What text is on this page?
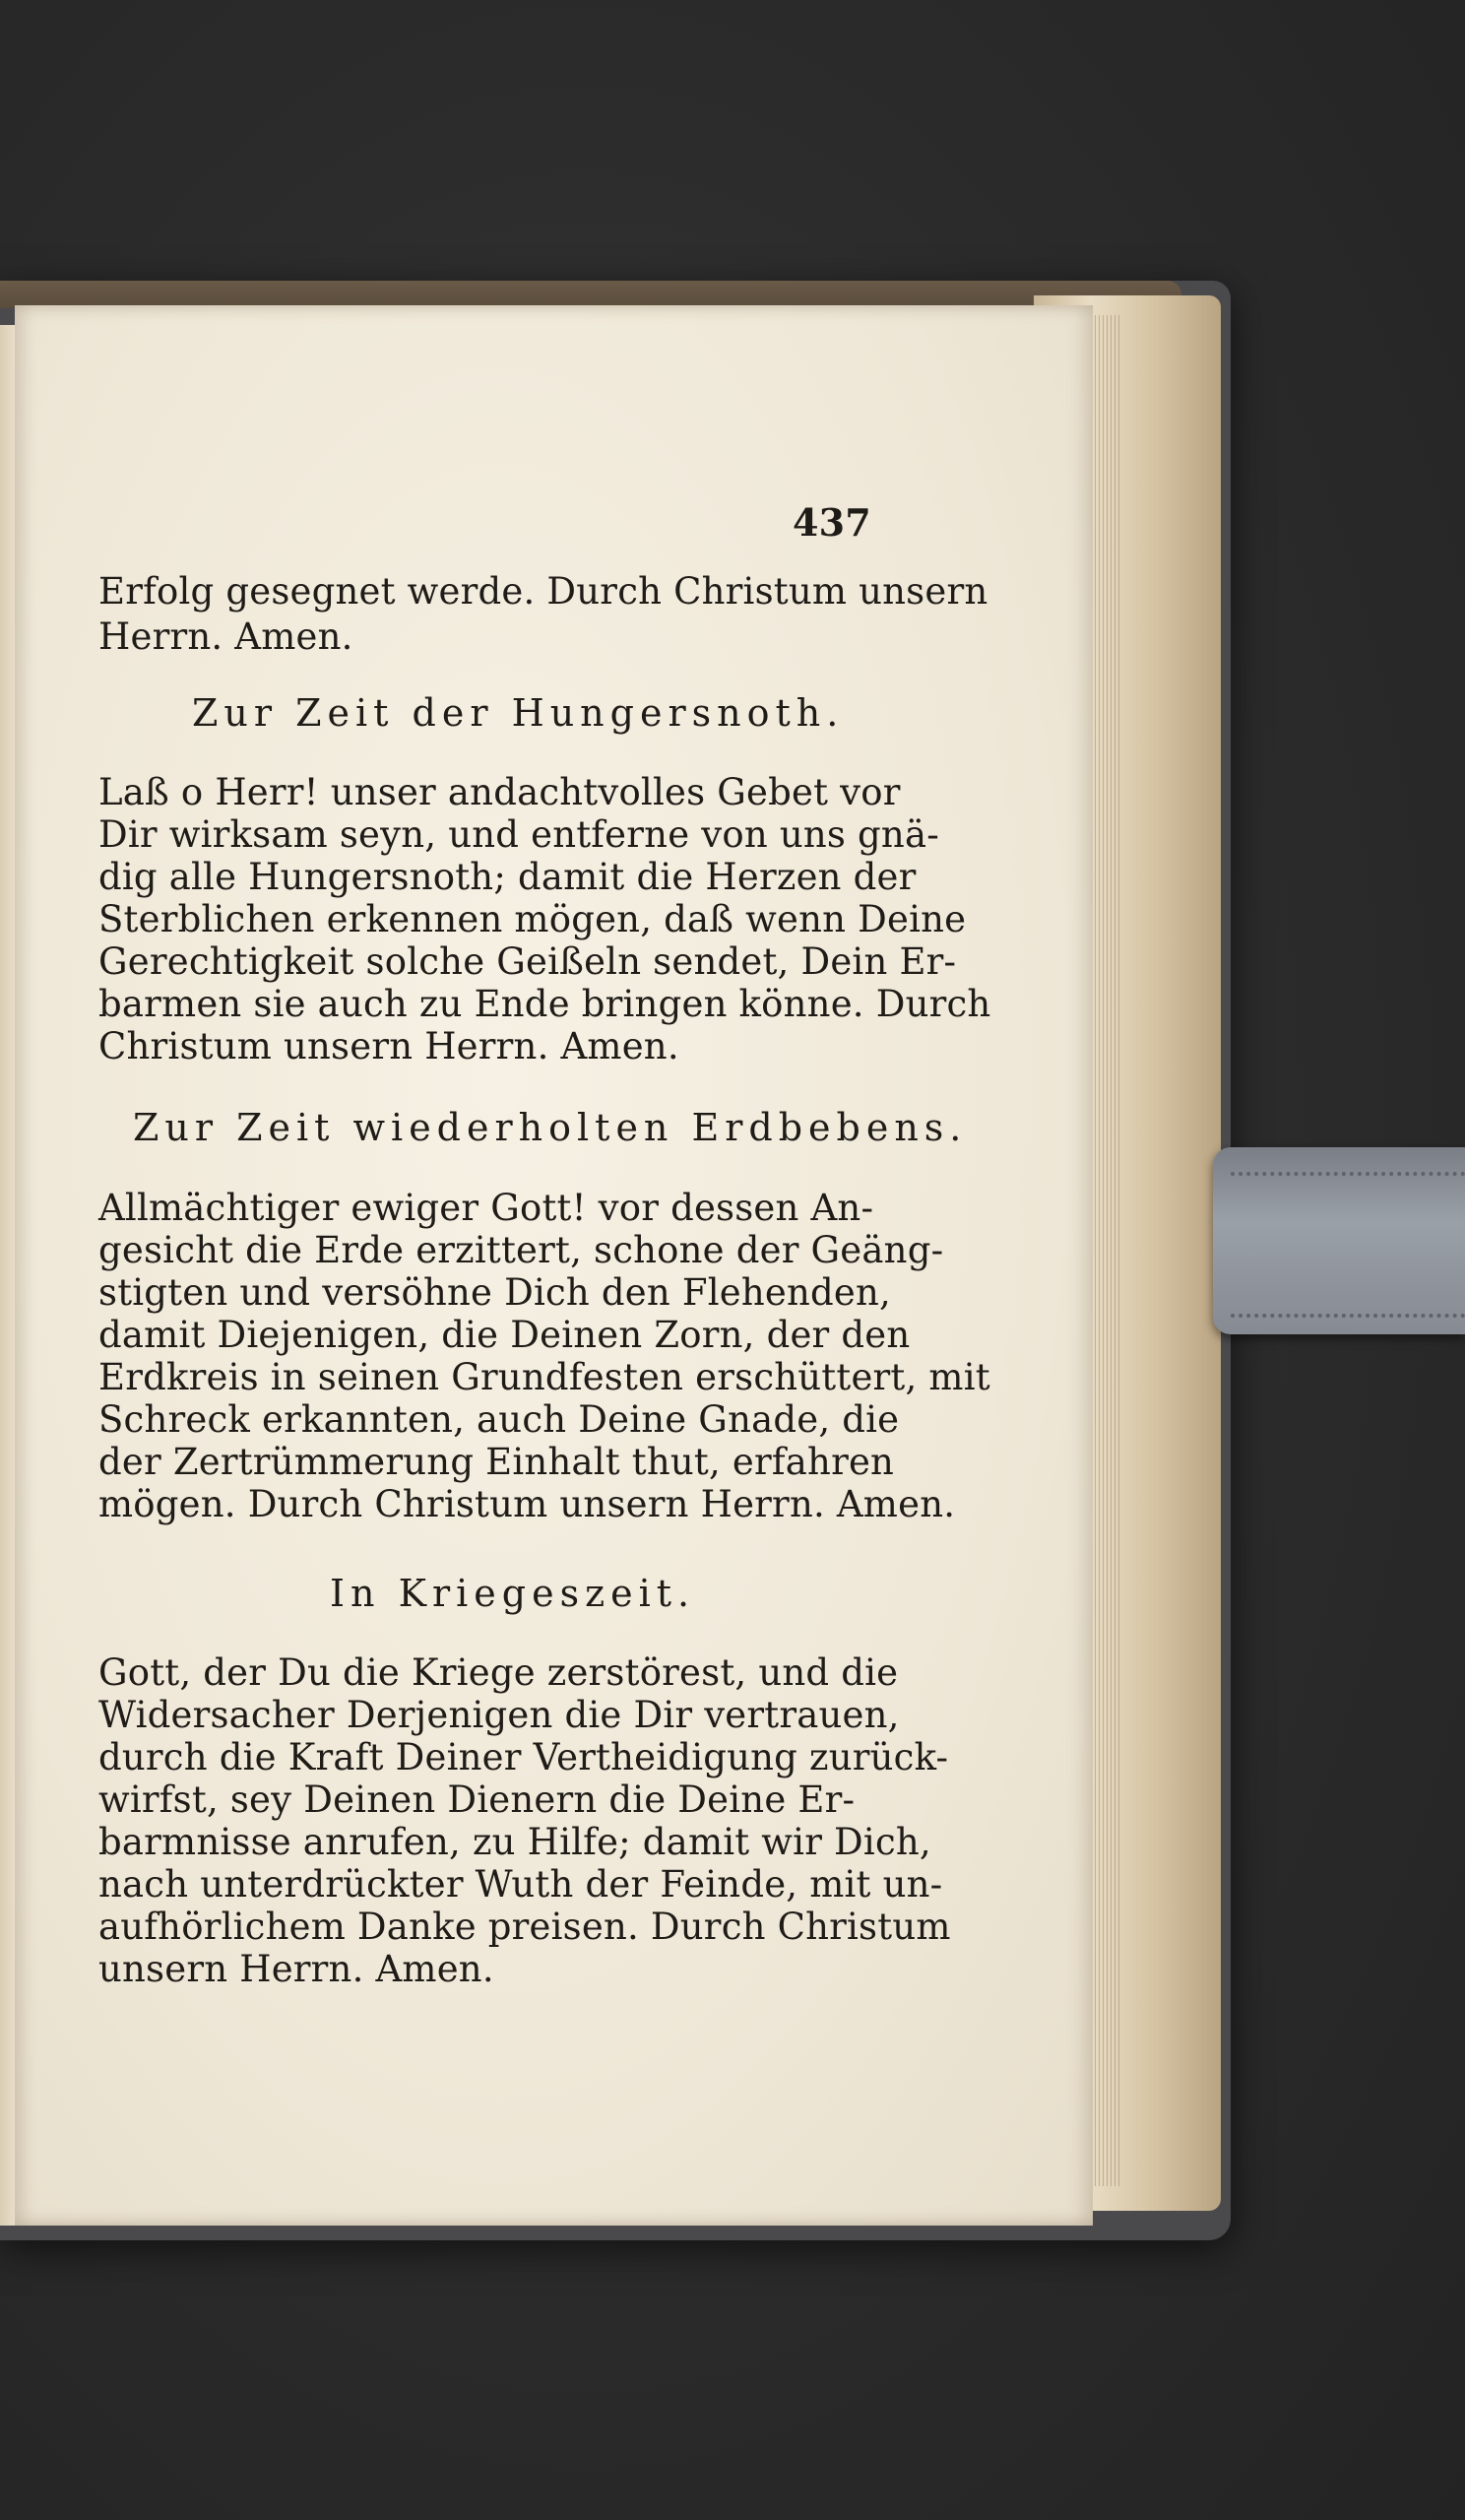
437
Erfolg gesegnet werde. Durch Christum unsern
Herrn. Amen.
Zur Zeit der Hungersnoth.
Laß o Herr! unser andachtvolles Gebet vor
Dir wirksam seyn, und entferne von uns gnä-
dig alle Hungersnoth; damit die Herzen der
Sterblichen erkennen mögen, daß wenn Deine
Gerechtigkeit solche Geißeln sendet, Dein Er-
barmen sie auch zu Ende bringen könne. Durch
Christum unsern Herrn. Amen.
Zur Zeit wiederholten Erdbebens.
Allmächtiger ewiger Gott! vor dessen An-
gesicht die Erde erzittert, schone der Geäng-
stigten und versöhne Dich den Flehenden,
damit Diejenigen, die Deinen Zorn, der den
Erdkreis in seinen Grundfesten erschüttert, mit
Schreck erkannten, auch Deine Gnade, die
der Zertrümmerung Einhalt thut, erfahren
mögen. Durch Christum unsern Herrn. Amen.
In Kriegeszeit.
Gott, der Du die Kriege zerstörest, und die
Widersacher Derjenigen die Dir vertrauen,
durch die Kraft Deiner Vertheidigung zurück-
wirfst, sey Deinen Dienern die Deine Er-
barmnisse anrufen, zu Hilfe; damit wir Dich,
nach unterdrückter Wuth der Feinde, mit un-
aufhörlichem Danke preisen. Durch Christum
unsern Herrn. Amen.
